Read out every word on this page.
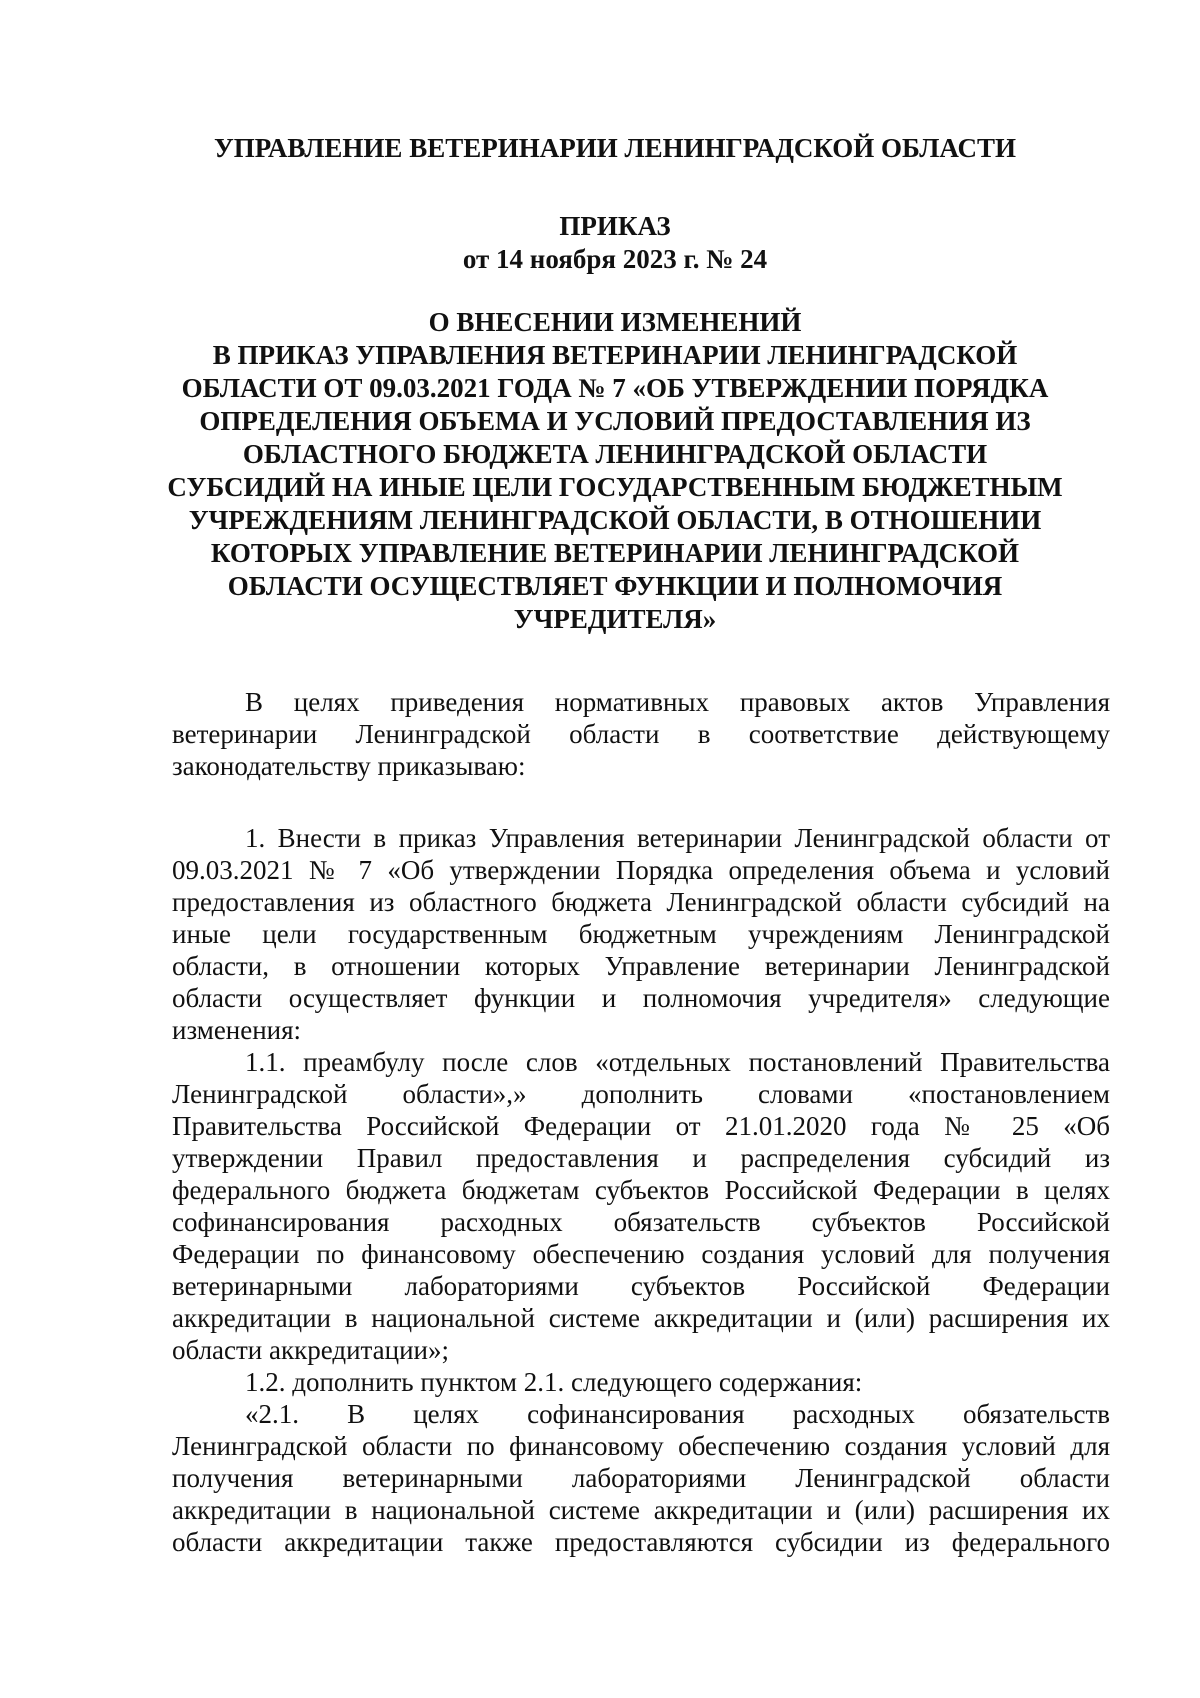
УПРАВЛЕНИЕ ВЕТЕРИНАРИИ ЛЕНИНГРАДСКОЙ ОБЛАСТИ
ПРИКАЗ
от 14 ноября 2023 г. № 24
О ВНЕСЕНИИ ИЗМЕНЕНИЙ
В ПРИКАЗ УПРАВЛЕНИЯ ВЕТЕРИНАРИИ ЛЕНИНГРАДСКОЙ
ОБЛАСТИ ОТ 09.03.2021 ГОДА № 7 «ОБ УТВЕРЖДЕНИИ ПОРЯДКА
ОПРЕДЕЛЕНИЯ ОБЪЕМА И УСЛОВИЙ ПРЕДОСТАВЛЕНИЯ ИЗ
ОБЛАСТНОГО БЮДЖЕТА ЛЕНИНГРАДСКОЙ ОБЛАСТИ
СУБСИДИЙ НА ИНЫЕ ЦЕЛИ ГОСУДАРСТВЕННЫМ БЮДЖЕТНЫМ
УЧРЕЖДЕНИЯМ ЛЕНИНГРАДСКОЙ ОБЛАСТИ, В ОТНОШЕНИИ
КОТОРЫХ УПРАВЛЕНИЕ ВЕТЕРИНАРИИ ЛЕНИНГРАДСКОЙ
ОБЛАСТИ ОСУЩЕСТВЛЯЕТ ФУНКЦИИ И ПОЛНОМОЧИЯ
УЧРЕДИТЕЛЯ»
В целях приведения нормативных правовых актов Управления
ветеринарии Ленинградской области в соответствие действующему
законодательству приказываю:
1. Внести в приказ Управления ветеринарии Ленинградской области от
09.03.2021 № 7 «Об утверждении Порядка определения объема и условий
предоставления из областного бюджета Ленинградской области субсидий на
иные цели государственным бюджетным учреждениям Ленинградской
области, в отношении которых Управление ветеринарии Ленинградской
области осуществляет функции и полномочия учредителя» следующие
изменения:
1.1. преамбулу после слов «отдельных постановлений Правительства
Ленинградской области»,» дополнить словами «постановлением
Правительства Российской Федерации от 21.01.2020 года № 25 «Об
утверждении Правил предоставления и распределения субсидий из
федерального бюджета бюджетам субъектов Российской Федерации в целях
софинансирования расходных обязательств субъектов Российской
Федерации по финансовому обеспечению создания условий для получения
ветеринарными лабораториями субъектов Российской Федерации
аккредитации в национальной системе аккредитации и (или) расширения их
области аккредитации»;
1.2. дополнить пунктом 2.1. следующего содержания:
«2.1. В целях софинансирования расходных обязательств
Ленинградской области по финансовому обеспечению создания условий для
получения ветеринарными лабораториями Ленинградской области
аккредитации в национальной системе аккредитации и (или) расширения их
области аккредитации также предоставляются субсидии из федерального
